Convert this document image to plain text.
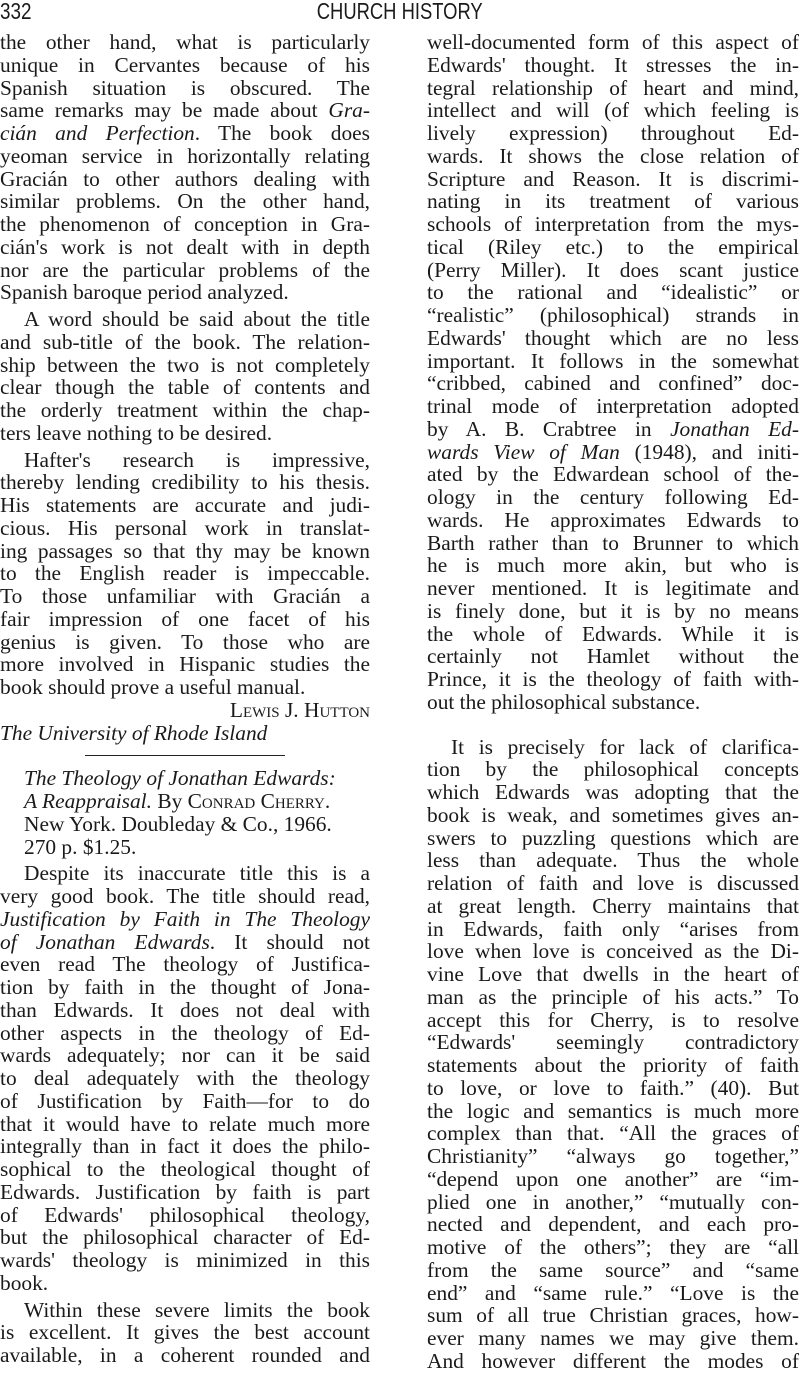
332	CHURCH HISTORY
the other hand, what is particularly
unique in Cervantes because of his
Spanish situation is obscured. The
same remarks may be made about Gra-
cián and Perfection. The book does
yeoman service in horizontally relating
Gracián to other authors dealing with
similar problems. On the other hand,
the phenomenon of conception in Gra-
cián's work is not dealt with in depth
nor are the particular problems of the
Spanish baroque period analyzed.
A word should be said about the title
and sub-title of the book. The relation-
ship between the two is not completely
clear though the table of contents and
the orderly treatment within the chap-
ters leave nothing to be desired.
Hafter's research is impressive,
thereby lending credibility to his thesis.
His statements are accurate and judi-
cious. His personal work in translat-
ing passages so that thy may be known
to the English reader is impeccable.
To those unfamiliar with Gracián a
fair impression of one facet of his
genius is given. To those who are
more involved in Hispanic studies the
book should prove a useful manual.
Lewis J. Hutton
The University of Rhode Island
The Theology of Jonathan Edwards:
A Reappraisal. By Conrad Cherry.
New York. Doubleday & Co., 1966.
270 p. $1.25.
Despite its inaccurate title this is a
very good book. The title should read,
Justification by Faith in The Theology
of Jonathan Edwards. It should not
even read The theology of Justifica-
tion by faith in the thought of Jona-
than Edwards. It does not deal with
other aspects in the theology of Ed-
wards adequately; nor can it be said
to deal adequately with the theology
of Justification by Faith—for to do
that it would have to relate much more
integrally than in fact it does the philo-
sophical to the theological thought of
Edwards. Justification by faith is part
of Edwards' philosophical theology,
but the philosophical character of Ed-
wards' theology is minimized in this
book.
Within these severe limits the book
is excellent. It gives the best account
available, in a coherent rounded and
well-documented form of this aspect of
Edwards' thought. It stresses the in-
tegral relationship of heart and mind,
intellect and will (of which feeling is
lively expression) throughout Ed-
wards. It shows the close relation of
Scripture and Reason. It is discrimi-
nating in its treatment of various
schools of interpretation from the mys-
tical (Riley etc.) to the empirical
(Perry Miller). It does scant justice
to the rational and “idealistic” or
“realistic” (philosophical) strands in
Edwards' thought which are no less
important. It follows in the somewhat
“cribbed, cabined and confined” doc-
trinal mode of interpretation adopted
by A. B. Crabtree in Jonathan Ed-
wards View of Man (1948), and initi-
ated by the Edwardean school of the-
ology in the century following Ed-
wards. He approximates Edwards to
Barth rather than to Brunner to which
he is much more akin, but who is
never mentioned. It is legitimate and
is finely done, but it is by no means
the whole of Edwards. While it is
certainly not Hamlet without the
Prince, it is the theology of faith with-
out the philosophical substance.
It is precisely for lack of clarifica-
tion by the philosophical concepts
which Edwards was adopting that the
book is weak, and sometimes gives an-
swers to puzzling questions which are
less than adequate. Thus the whole
relation of faith and love is discussed
at great length. Cherry maintains that
in Edwards, faith only “arises from
love when love is conceived as the Di-
vine Love that dwells in the heart of
man as the principle of his acts.” To
accept this for Cherry, is to resolve
“Edwards' seemingly contradictory
statements about the priority of faith
to love, or love to faith.” (40). But
the logic and semantics is much more
complex than that. “All the graces of
Christianity” “always go together,”
“depend upon one another” are “im-
plied one in another,” “mutually con-
nected and dependent, and each pro-
motive of the others”; they are “all
from the same source” and “same
end” and “same rule.” “Love is the
sum of all true Christian graces, how-
ever many names we may give them.
And however different the modes of
